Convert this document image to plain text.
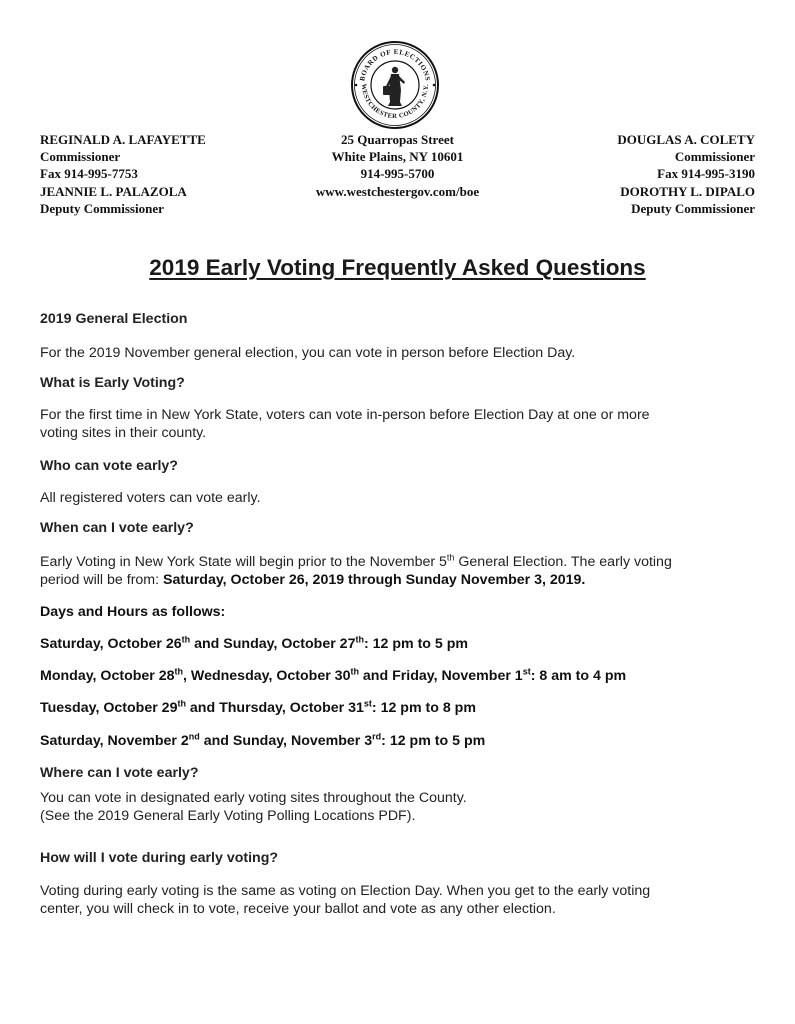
BOARD OF ELECTIONS
WESTCHESTER COUNTY, N.Y.
REGINALD A. LAFAYETTE
Commissioner
Fax 914-995-7753
JEANNIE L. PALAZOLA
Deputy Commissioner
25 Quarropas Street
White Plains, NY 10601
914-995-5700
www.westchestergov.com/boe
DOUGLAS A. COLETY
Commissioner
Fax 914-995-3190
DOROTHY L. DIPALO
Deputy Commissioner
2019 Early Voting Frequently Asked Questions
2019 General Election
For the 2019 November general election, you can vote in person before Election Day.
What is Early Voting?
For the first time in New York State, voters can vote in-person before Election Day at one or more
voting sites in their county.
Who can vote early?
All registered voters can vote early.
When can I vote early?
Early Voting in New York State will begin prior to the November 5th General Election. The early voting
period will be from: Saturday, October 26, 2019 through Sunday November 3, 2019.
Days and Hours as follows:
Saturday, October 26th and Sunday, October 27th: 12 pm to 5 pm
Monday, October 28th, Wednesday, October 30th and Friday, November 1st: 8 am to 4 pm
Tuesday, October 29th and Thursday, October 31st: 12 pm to 8 pm
Saturday, November 2nd and Sunday, November 3rd: 12 pm to 5 pm
Where can I vote early?
You can vote in designated early voting sites throughout the County.
(See the 2019 General Early Voting Polling Locations PDF).
How will I vote during early voting?
Voting during early voting is the same as voting on Election Day. When you get to the early voting
center, you will check in to vote, receive your ballot and vote as any other election.
